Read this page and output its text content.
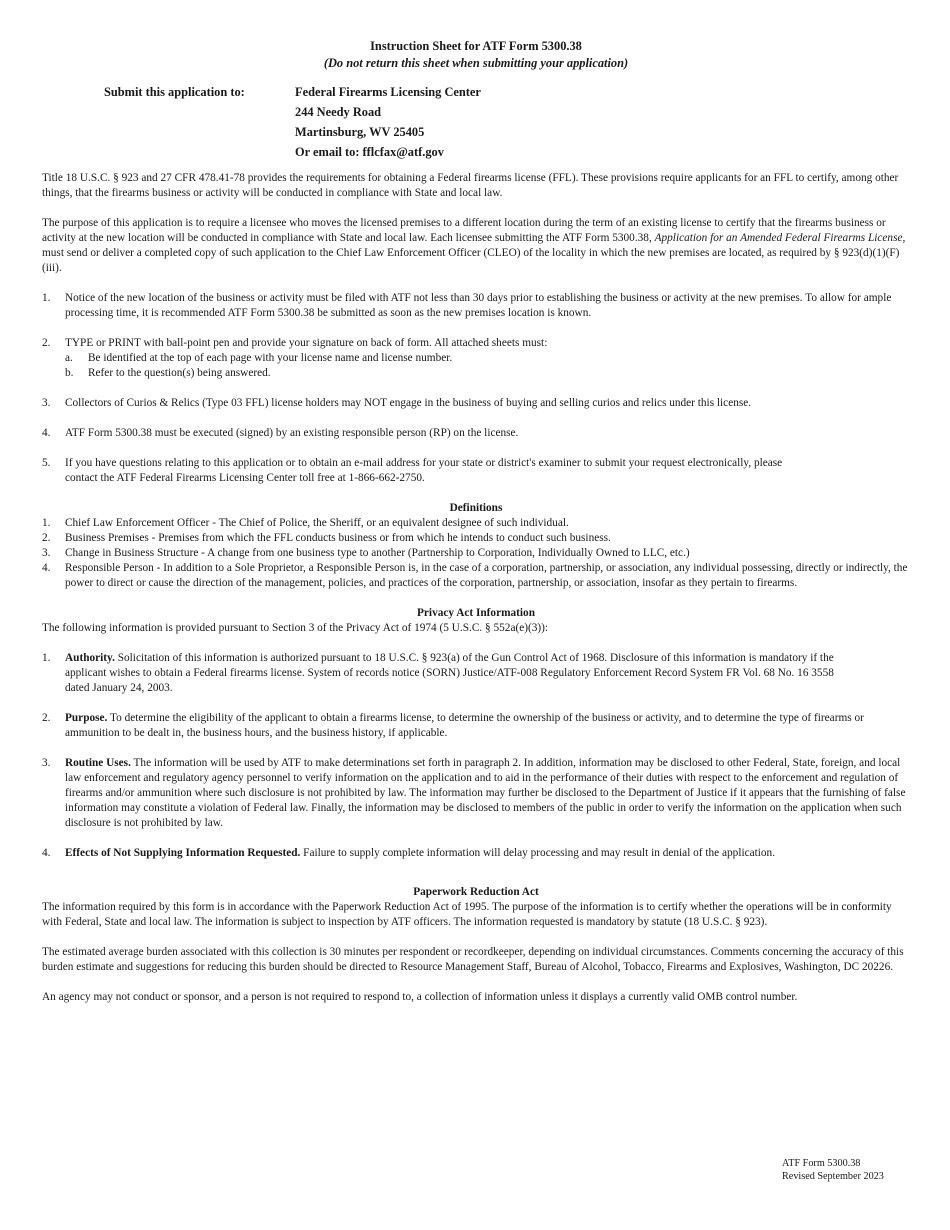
Instruction Sheet for ATF Form 5300.38
(Do not return this sheet when submitting your application)
Submit this application to:	Federal Firearms Licensing Center
244 Needy Road
Martinsburg, WV 25405
Or email to: fflcfax@atf.gov

Title 18 U.S.C. § 923 and 27 CFR 478.41-78 provides the requirements for obtaining a Federal firearms license (FFL). These provisions require applicants for an FFL to certify, among other things, that the firearms business or activity will be conducted in compliance with State and local law.

The purpose of this application is to require a licensee who moves the licensed premises to a different location during the term of an existing license to certify that the firearms business or activity at the new location will be conducted in compliance with State and local law. Each licensee submitting the ATF Form 5300.38, Application for an Amended Federal Firearms License, must send or deliver a completed copy of such application to the Chief Law Enforcement Officer (CLEO) of the locality in which the new premises are located, as required by § 923(d)(1)(F)(iii).

1.	Notice of the new location of the business or activity must be filed with ATF not less than 30 days prior to establishing the business or activity at the new premises. To allow for ample processing time, it is recommended ATF Form 5300.38 be submitted as soon as the new premises location is known.
2.	TYPE or PRINT with ball-point pen and provide your signature on back of form. All attached sheets must:
a.	Be identified at the top of each page with your license name and license number.
b.	Refer to the question(s) being answered.
3.	Collectors of Curios & Relics (Type 03 FFL) license holders may NOT engage in the business of buying and selling curios and relics under this license.
4.	ATF Form 5300.38 must be executed (signed) by an existing responsible person (RP) on the license.
5.	If you have questions relating to this application or to obtain an e-mail address for your state or district's examiner to submit your request electronically, please contact the ATF Federal Firearms Licensing Center toll free at 1-866-662-2750.
Definitions
1.	Chief Law Enforcement Officer - The Chief of Police, the Sheriff, or an equivalent designee of such individual.
2.	Business Premises - Premises from which the FFL conducts business or from which he intends to conduct such business.
3.	Change in Business Structure - A change from one business type to another (Partnership to Corporation, Individually Owned to LLC, etc.)
4.	Responsible Person - In addition to a Sole Proprietor, a Responsible Person is, in the case of a corporation, partnership, or association, any individual possessing, directly or indirectly, the power to direct or cause the direction of the management, policies, and practices of the corporation, partnership, or association, insofar as they pertain to firearms.
Privacy Act Information

The following information is provided pursuant to Section 3 of the Privacy Act of 1974 (5 U.S.C. § 552a(e)(3)):

1.	Authority. Solicitation of this information is authorized pursuant to 18 U.S.C. § 923(a) of the Gun Control Act of 1968. Disclosure of this information is mandatory if the applicant wishes to obtain a Federal firearms license. System of records notice (SORN) Justice/ATF-008 Regulatory Enforcement Record System FR Vol. 68 No. 16 3558 dated January 24, 2003.
2.	Purpose. To determine the eligibility of the applicant to obtain a firearms license, to determine the ownership of the business or activity, and to determine the type of firearms or ammunition to be dealt in, the business hours, and the business history, if applicable.
3.	Routine Uses. The information will be used by ATF to make determinations set forth in paragraph 2. In addition, information may be disclosed to other Federal, State, foreign, and local law enforcement and regulatory agency personnel to verify information on the application and to aid in the performance of their duties with respect to the enforcement and regulation of firearms and/or ammunition where such disclosure is not prohibited by law. The information may further be disclosed to the Department of Justice if it appears that the furnishing of false information may constitute a violation of Federal law. Finally, the information may be disclosed to members of the public in order to verify the information on the application when such disclosure is not prohibited by law.
4.	Effects of Not Supplying Information Requested. Failure to supply complete information will delay processing and may result in denial of the application.
Paperwork Reduction Act

The information required by this form is in accordance with the Paperwork Reduction Act of 1995. The purpose of the information is to certify whether the operations will be in conformity with Federal, State and local law. The information is subject to inspection by ATF officers. The information requested is mandatory by statute (18 U.S.C. § 923).

The estimated average burden associated with this collection is 30 minutes per respondent or recordkeeper, depending on individual circumstances. Comments concerning the accuracy of this burden estimate and suggestions for reducing this burden should be directed to Resource Management Staff, Bureau of Alcohol, Tobacco, Firearms and Explosives, Washington, DC 20226.

An agency may not conduct or sponsor, and a person is not required to respond to, a collection of information unless it displays a currently valid OMB control number.

ATF Form 5300.38
Revised September 2023
